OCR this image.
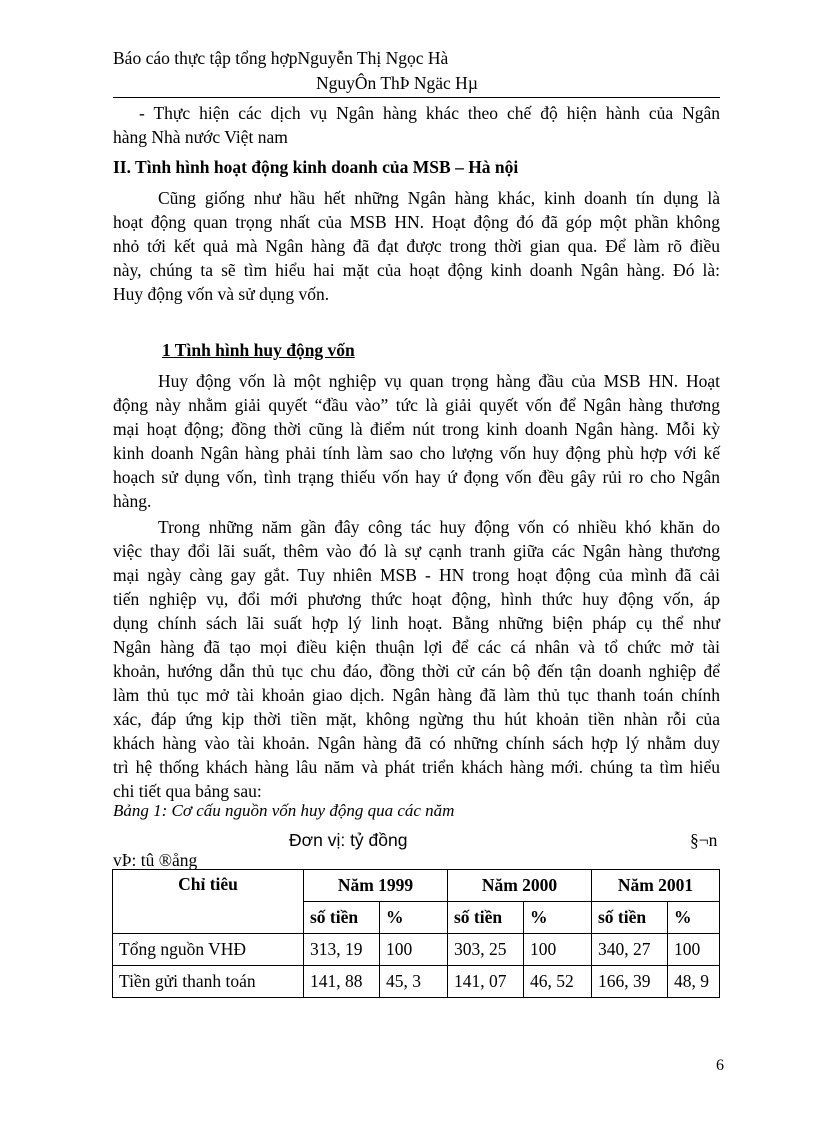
Báo cáo thực tập tổng hợpNguyễn Thị Ngọc Hà
NguyÔn ThÞ Ngäc Hµ
- Thực hiện các dịch vụ Ngân hàng khác theo chế độ hiện hành của Ngân
hàng Nhà nước Việt nam
II. Tình hình hoạt động kinh doanh của MSB – Hà nội
Cũng giống như hầu hết những Ngân hàng khác, kinh doanh tín dụng là
hoạt động quan trọng nhất của MSB HN. Hoạt động đó đã góp một phần không
nhỏ tới kết quả mà Ngân hàng đã đạt được trong thời gian qua. Để làm rõ điều
này, chúng ta sẽ tìm hiểu hai mặt của hoạt động kinh doanh Ngân hàng. Đó là:
Huy động vốn và sử dụng vốn.
1 Tình hình huy động vốn
Huy động vốn là một nghiệp vụ quan trọng hàng đầu của MSB HN. Hoạt
động này nhằm giải quyết “đầu vào” tức là giải quyết vốn để Ngân hàng thương
mại hoạt động; đồng thời cũng là điểm nút trong kinh doanh Ngân hàng. Mỗi kỳ
kinh doanh Ngân hàng phải tính làm sao cho lượng vốn huy động phù hợp với kế
hoạch sử dụng vốn, tình trạng thiếu vốn hay ứ đọng vốn đều gây rủi ro cho Ngân
hàng.
Trong những năm gần đây công tác huy động vốn có nhiều khó khăn do
việc thay đổi lãi suất, thêm vào đó là sự cạnh tranh giữa các Ngân hàng thương
mại ngày càng gay gắt. Tuy nhiên MSB - HN trong hoạt động của mình đã cải
tiến nghiệp vụ, đổi mới phương thức hoạt động, hình thức huy động vốn, áp
dụng chính sách lãi suất hợp lý linh hoạt. Bằng những biện pháp cụ thể như
Ngân hàng đã tạo mọi điều kiện thuận lợi để các cá nhân và tổ chức mở tài
khoản, hướng dẫn thủ tục chu đáo, đồng thời cử cán bộ đến tận doanh nghiệp để
làm thủ tục mở tài khoản giao dịch. Ngân hàng đã làm thủ tục thanh toán chính
xác, đáp ứng kịp thời tiền mặt, không ngừng thu hút khoản tiền nhàn rỗi của
khách hàng vào tài khoản. Ngân hàng đã có những chính sách hợp lý nhằm duy
trì hệ thống khách hàng lâu năm và phát triển khách hàng mới. chúng ta tìm hiểu
chi tiết qua bảng sau:
Bảng 1: Cơ cấu nguồn vốn huy động qua các năm
Đơn vị: tỷ đồng	§¬n
vÞ: tû ®ång
Chỉ tiêu	Năm 1999		Năm 2000		Năm 2001	
	số tiền	%	số tiền	%	số tiền	%
Tổng nguồn VHĐ	313, 19	100	303, 25	100	340, 27	100
Tiền gửi thanh toán	141, 88	45, 3	141, 07	46, 52	166, 39	48, 9
6
